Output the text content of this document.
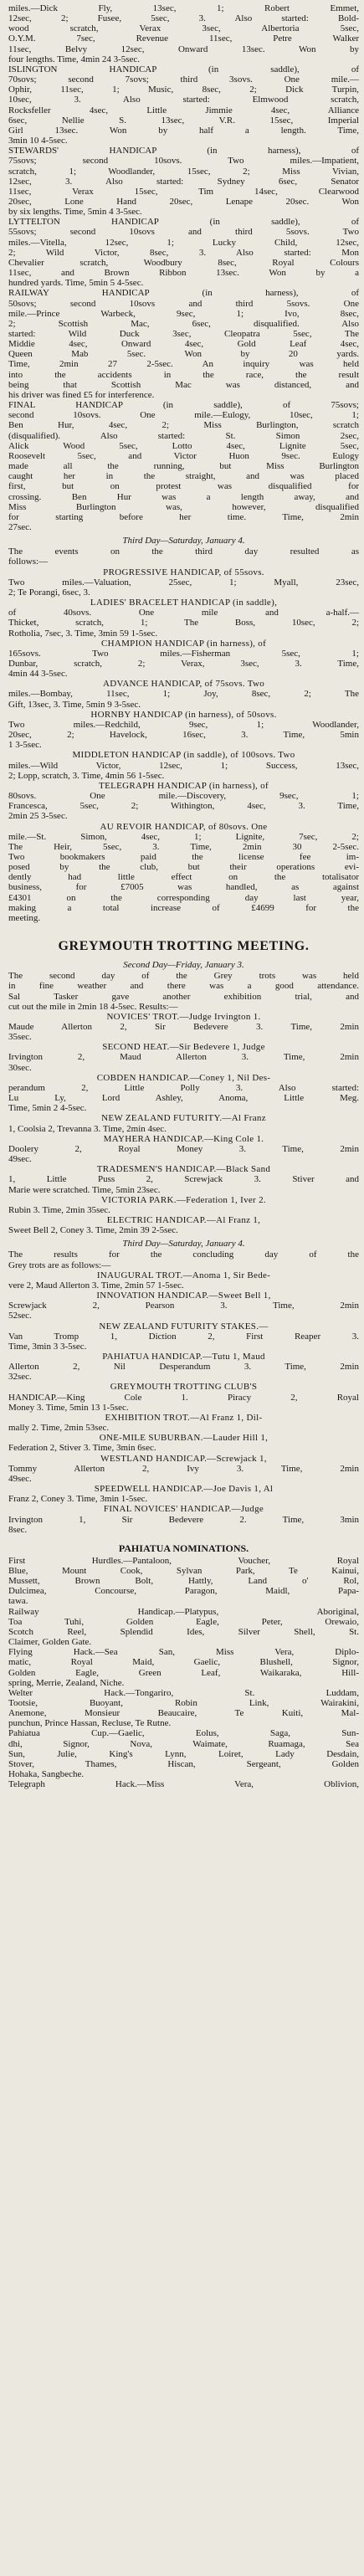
miles.—Dick Fly, 13sec, 1; Robert Emmet,

12sec, 2; Fusee, 5sec, 3. Also started: Bold-

wood scratch, Verax 3sec, Albertoria 5sec,

O.Y.M. 7sec, Revenue 11sec, Petre Walker

11sec, Belvy 12sec, Onward 13sec. Won by

four lengths. Time, 4min 24 3-5sec.

ISLINGTON HANDICAP (in saddle), of

70sovs; second 7sovs; third 3sovs. One mile.—

Ophir, 11sec, 1; Music, 8sec, 2; Dick Turpin,

10sec, 3. Also started: Elmwood scratch,

Rocksfeller 4sec, Little Jimmie 4sec, Alliance

6sec, Nellie S. 13sec, V.R. 15sec, Imperial

Girl 13sec. Won by half a length. Time,

3min 10 4-5sec.

STEWARDS' HANDICAP (in harness), of

75sovs; second 10sovs. Two miles.—Impatient,

scratch, 1; Woodlander, 15sec, 2; Miss Vivian,

12sec, 3. Also started: Sydney 6sec, Senator

11sec, Verax 15sec, Tim 14sec, Clearwood

20sec, Lone Hand 20sec, Lenape 20sec. Won

by six lengths. Time, 5min 4 3-5sec.

LYTTELTON HANDICAP (in saddle), of

55sovs; second 10sovs and third 5sovs. Two

miles.—Vitella, 12sec, 1; Lucky Child, 12sec,

2; Wild Victor, 8sec, 3. Also started: Mon

Chevalier scratch, Woodbury 8sec, Royal Colours

11sec, and Brown Ribbon 13sec. Won by a

hundred yards. Time, 5min 5 4-5sec.

RAILWAY HANDICAP (in harness), of

50sovs; second 10sovs and third 5sovs. One

mile.—Prince Warbeck, 9sec, 1; Ivo, 8sec,

2; Scottish Mac, 6sec, disqualified. Also

started: Wild Duck 3sec, Cleopatra 5sec, The

Middie 4sec, Onward 4sec, Gold Leaf 4sec,

Queen Mab 5sec. Won by 20 yards.

Time, 2min 27 2-5sec. An inquiry was held

into the accidents in the race, the result

being that Scottish Mac was distanced, and

his driver was fined £5 for interference.

FINAL HANDICAP (in saddle), of 75sovs;

second 10sovs. One mile.—Eulogy, 10sec, 1;

Ben Hur, 4sec, 2; Miss Burlington, scratch

(disqualified). Also started: St. Simon 2sec,

Alick Wood 5sec, Lotto 4sec, Lignite 5sec,

Roosevelt 5sec, and Victor Huon 9sec. Eulogy

made all the running, but Miss Burlington

caught her in the straight, and was placed

first, but on protest was disqualified for

crossing. Ben Hur was a length away, and

Miss Burlington was, however, disqualified

for starting before her time. Time, 2min

27sec.

Third Day—Saturday, January 4.

The events on the third day resulted as

follows:—

PROGRESSIVE HANDICAP, of 55sovs.

Two miles.—Valuation, 25sec, 1; Myall, 23sec,

2; Te Porangi, 6sec, 3.

LADIES' BRACELET HANDICAP (in saddle),

of 40sovs. One mile and a-half.—

Thicket, scratch, 1; The Boss, 10sec, 2;

Rotholia, 7sec, 3. Time, 3min 59 1-5sec.

CHAMPION HANDICAP (in harness), of

165sovs. Two miles.—Fisherman 5sec, 1;

Dunbar, scratch, 2; Verax, 3sec, 3. Time,

4min 44 3-5sec.

ADVANCE HANDICAP, of 75sovs. Two

miles.—Bombay, 11sec, 1; Joy, 8sec, 2; The

Gift, 13sec, 3. Time, 5min 9 3-5sec.

HORNBY HANDICAP (in harness), of 50sovs.

Two miles.—Redchild, 9sec, 1; Woodlander,

20sec, 2; Havelock, 16sec, 3. Time, 5min

1 3-5sec.

MIDDLETON HANDICAP (in saddle), of 100sovs. Two

miles.—Wild Victor, 12sec, 1; Success, 13sec,

2; Lopp, scratch, 3. Time, 4min 56 1-5sec.

TELEGRAPH HANDICAP (in harness), of

80sovs. One mile.—Discovery, 9sec, 1;

Francesca, 5sec, 2; Withington, 4sec, 3. Time,

2min 25 3-5sec.

AU REVOIR HANDICAP, of 80sovs. One

mile.—St. Simon, 4sec, 1; Lignite, 7sec, 2;

The Heir, 5sec, 3. Time, 2min 30 2-5sec.

Two bookmakers paid the license fee im-

posed by the club, but their operations evi-

dently had little effect on the totalisator

business, for £7005 was handled, as against

£4301 on the corresponding day last year,

making a total increase of £4699 for the

meeting.

GREYMOUTH TROTTING MEETING.

Second Day—Friday, January 3.

The second day of the Grey trots was held

in fine weather and there was a good attendance.

Sal Tasker gave another exhibition trial, and

cut out the mile in 2min 18 4-5sec. Results:—

NOVICES' TROT.—Judge Irvington 1.

Maude Allerton 2, Sir Bedevere 3. Time, 2min

35sec.

SECOND HEAT.—Sir Bedevere 1, Judge

Irvington 2, Maud Allerton 3. Time, 2min

30sec.

COBDEN HANDICAP.—Coney 1, Nil Des-

perandum 2, Little Polly 3. Also started:

Lu Ly, Lord Ashley, Anoma, Little Meg.

Time, 5min 2 4-5sec.

NEW ZEALAND FUTURITY.—Al Franz

1, Coolsia 2, Trevanna 3. Time, 2min 4sec.

MAYHERA HANDICAP.—King Cole 1.

Doolery 2, Royal Money 3. Time, 2min

49sec.

TRADESMEN'S HANDICAP.—Black Sand

1, Little Puss 2, Screwjack 3. Stiver and

Marie were scratched. Time, 5min 23sec.

VICTORIA PARK.—Federation 1, Iver 2.

Rubin 3. Time, 2min 35sec.

ELECTRIC HANDICAP.—Al Franz 1,

Sweet Bell 2, Coney 3. Time, 2min 39 2-5sec.

Third Day—Saturday, January 4.

The results for the concluding day of the

Grey trots are as follows:—

INAUGURAL TROT.—Anoma 1, Sir Bede-

vere 2, Maud Allerton 3. Time, 2min 57 1-5sec.

INNOVATION HANDICAP.—Sweet Bell 1,

Screwjack 2, Pearson 3. Time, 2min

52sec.

NEW ZEALAND FUTURITY STAKES.—

Van Tromp 1, Diction 2, First Reaper 3.

Time, 3min 3 3-5sec.

PAHIATUA HANDICAP.—Tutu 1, Maud

Allerton 2, Nil Desperandum 3. Time, 2min

32sec.

GREYMOUTH TROTTING CLUB'S

HANDICAP.—King Cole 1. Piracy 2, Royal

Money 3. Time, 5min 13 1-5sec.

EXHIBITION TROT.—Al Franz 1, Dil-

mally 2. Time, 2min 53sec.

ONE-MILE SUBURBAN.—Lauder Hill 1,

Federation 2, Stiver 3. Time, 3min 6sec.

WESTLAND HANDICAP.—Screwjack 1,

Tommy Allerton 2, Ivy 3. Time, 2min

49sec.

SPEEDWELL HANDICAP.—Joe Davis 1, Al

Franz 2, Coney 3. Time, 3min 1-5sec.

FINAL NOVICES' HANDICAP.—Judge

Irvington 1, Sir Bedevere 2. Time, 3min

8sec.

PAHIATUA NOMINATIONS.

First Hurdles.—Pantaloon, Voucher, Royal

Blue, Mount Cook, Sylvan Park, Te Kainui,

Mussett, Brown Bolt, Hattly, Land o' Rol,

Dulcimea, Concourse, Paragon, Maidl, Papa-

tawa.

Railway Handicap.—Platypus, Aboriginal,

Toa Tuhi, Golden Eagle, Peter, Orewaio,

Scotch Reel, Splendid Ides, Silver Shell, St.

Claimer, Golden Gate.

Flying Hack.—Sea San, Miss Vera, Diplo-

matic, Royal Maid, Gaelic, Blushell, Signor,

Golden Eagle, Green Leaf, Waikaraka, Hill-

spring, Merrie, Zealand, Niche.

Welter Hack.—Tongariro, St. Luddam,

Tootsie, Buoyant, Robin Link, Wairakini,

Anemone, Monsieur Beaucaire, Te Kuiti, Mal-

punchun, Prince Hassan, Recluse, Te Rutne.

Pahiatua Cup.—Gaelic, Eolus, Saga, Sun-

dhi, Signor, Nova, Waimate, Ruamaga, Sea

Sun, Julie, King's Lynn, Loiret, Lady Desdain,

Stover, Thames, Hiscan, Sergeant, Golden

Hohaka, Sangbeche.

Telegraph Hack.—Miss Vera, Oblivion,
